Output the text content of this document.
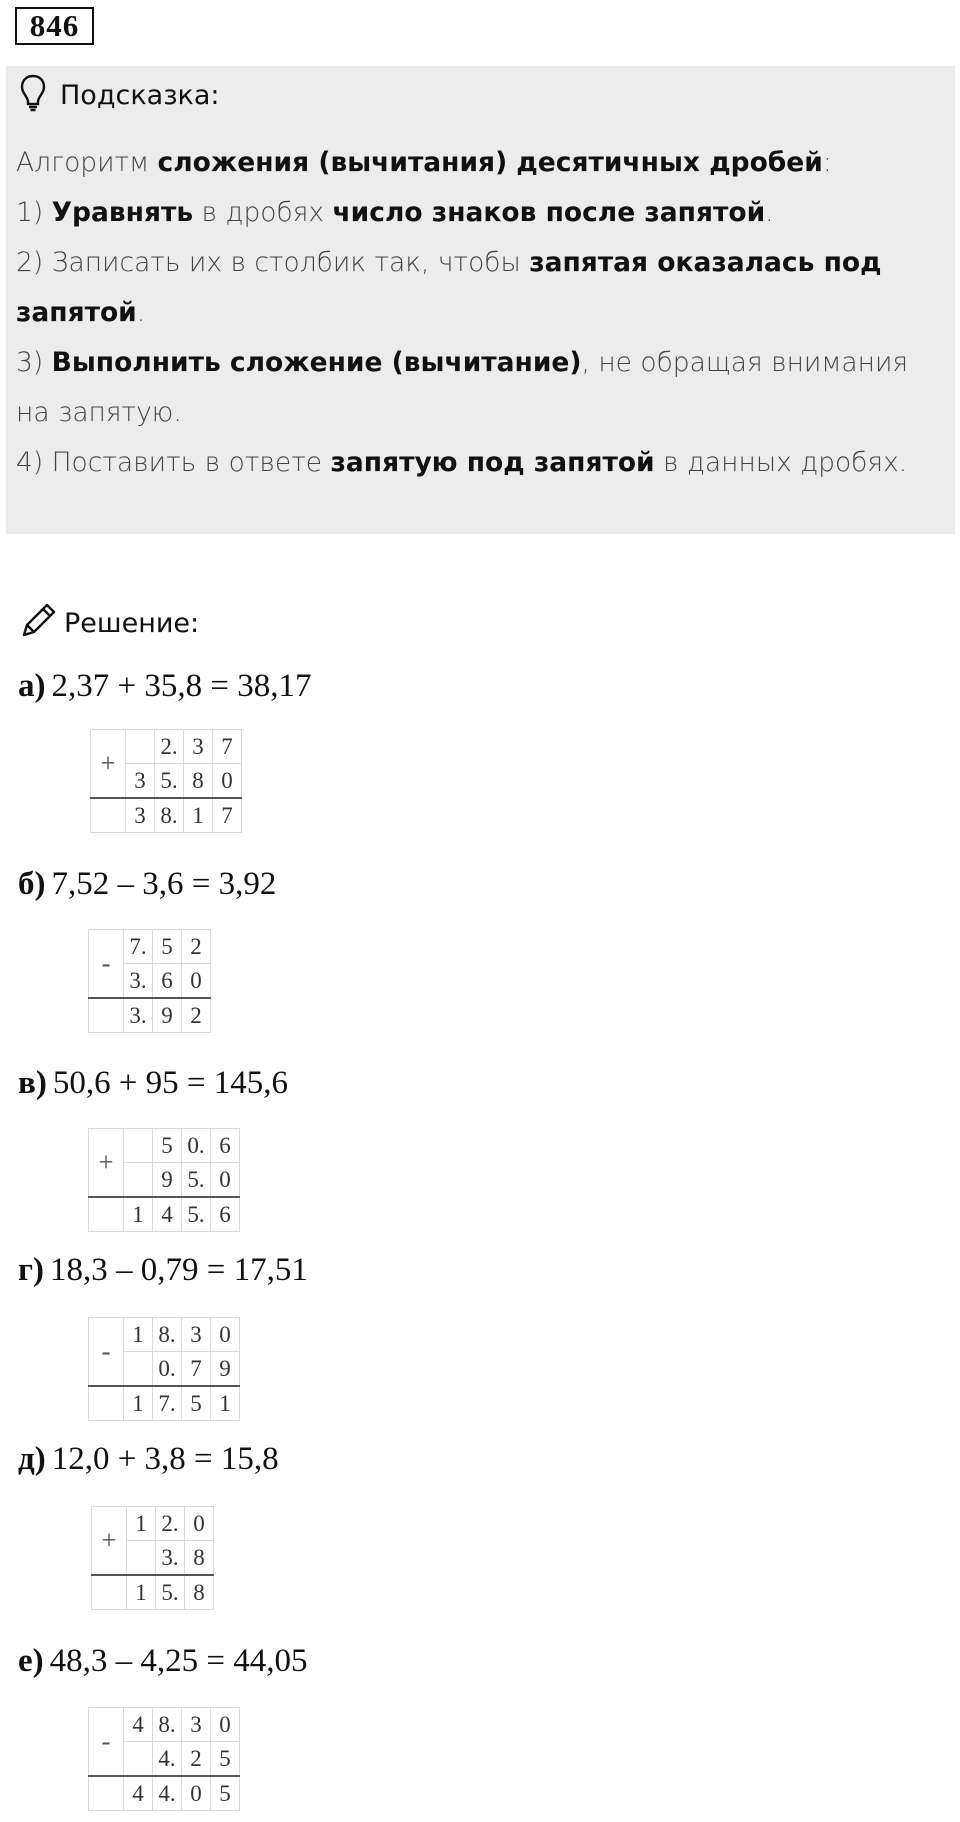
846
Подсказка:

Алгоритм сложения (вычитания) десятичных дробей:

1) Уравнять в дробях число знаков после запятой.

2) Записать их в столбик так, чтобы запятая оказалась под запятой.

3) Выполнить сложение (вычитание), не обращая внимания на запятую.

4) Поставить в ответе запятую под запятой в данных дробях.

Решение:
а) 2,37 + 35,8 = 38,17
+		2.	3	7
	3	5.	8	0
	3	8.	1	7
б) 7,52 – 3,6 = 3,92
-	7.	5	2
	3.	6	0
	3.	9	2
в) 50,6 + 95 = 145,6
+		5	0.	6
		9	5.	0
	1	4	5.	6
г) 18,3 – 0,79 = 17,51
-	1	8.	3	0
		0.	7	9
	1	7.	5	1
д) 12,0 + 3,8 = 15,8
+	1	2.	0
		3.	8
	1	5.	8
е) 48,3 – 4,25 = 44,05
-	4	8.	3	0
		4.	2	5
	4	4.	0	5
